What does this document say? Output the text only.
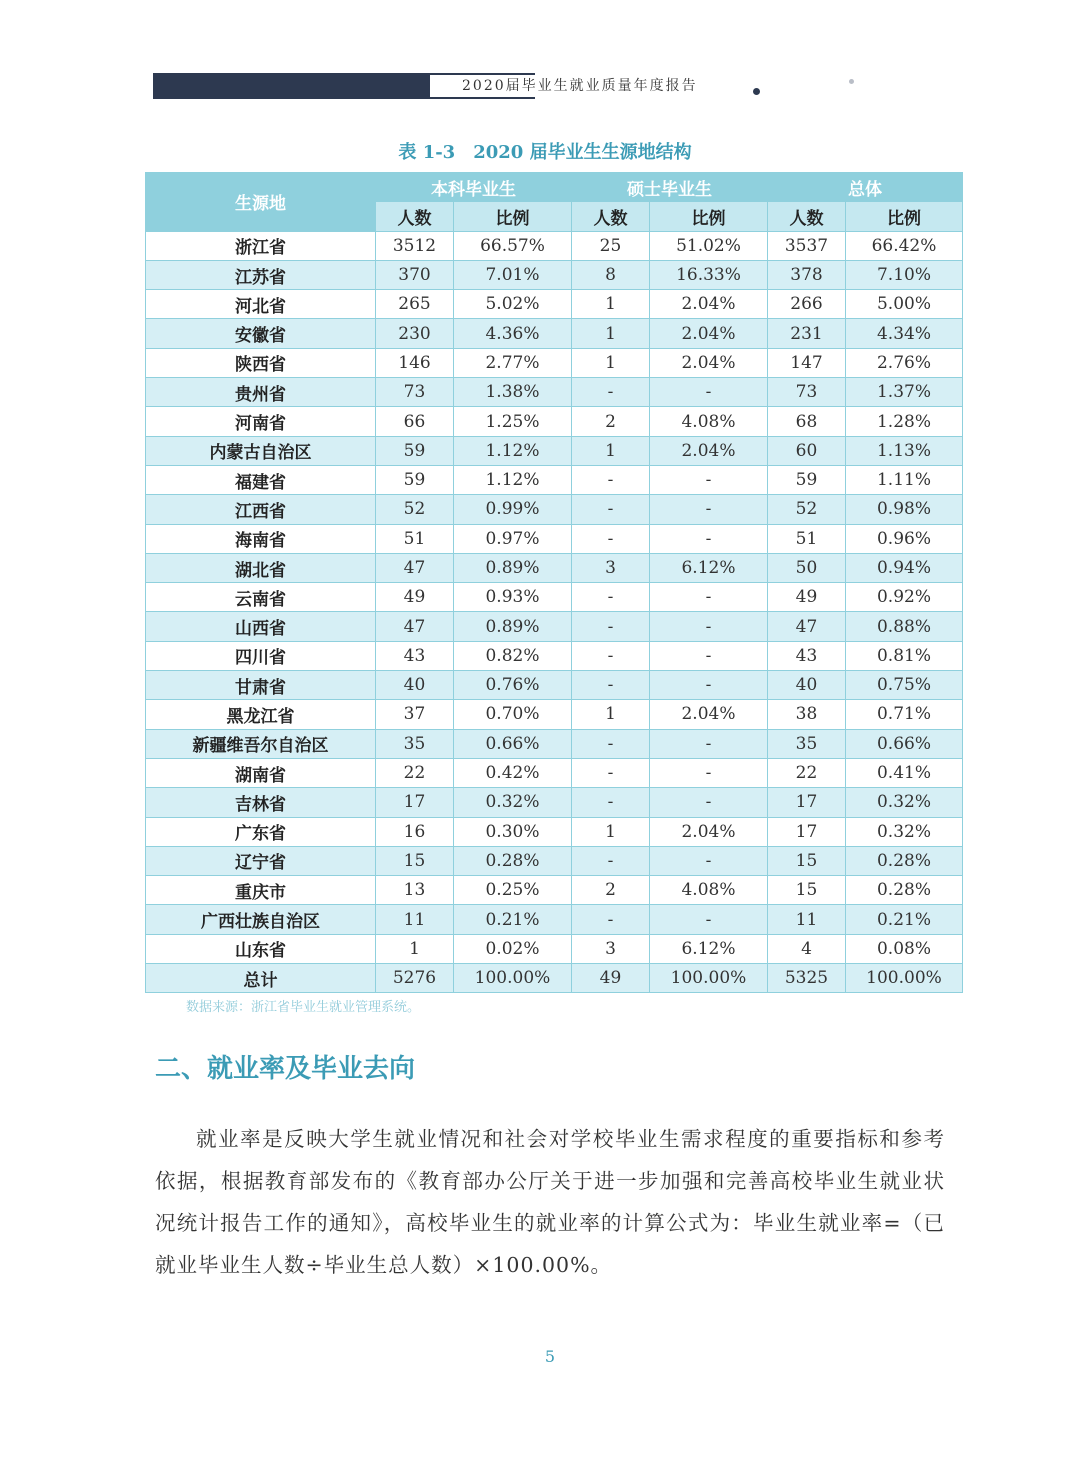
2020届毕业生就业质量年度报告
表 1-3　2020 届毕业生生源地结构
生源地	本科毕业生		硕士毕业生		总体	
	人数	比例	人数	比例	人数	比例
浙江省	3512	66.57%	25	51.02%	3537	66.42%
江苏省	370	7.01%	8	16.33%	378	7.10%
河北省	265	5.02%	1	2.04%	266	5.00%
安徽省	230	4.36%	1	2.04%	231	4.34%
陕西省	146	2.77%	1	2.04%	147	2.76%
贵州省	73	1.38%	-	-	73	1.37%
河南省	66	1.25%	2	4.08%	68	1.28%
内蒙古自治区	59	1.12%	1	2.04%	60	1.13%
福建省	59	1.12%	-	-	59	1.11%
江西省	52	0.99%	-	-	52	0.98%
海南省	51	0.97%	-	-	51	0.96%
湖北省	47	0.89%	3	6.12%	50	0.94%
云南省	49	0.93%	-	-	49	0.92%
山西省	47	0.89%	-	-	47	0.88%
四川省	43	0.82%	-	-	43	0.81%
甘肃省	40	0.76%	-	-	40	0.75%
黑龙江省	37	0.70%	1	2.04%	38	0.71%
新疆维吾尔自治区	35	0.66%	-	-	35	0.66%
湖南省	22	0.42%	-	-	22	0.41%
吉林省	17	0.32%	-	-	17	0.32%
广东省	16	0.30%	1	2.04%	17	0.32%
辽宁省	15	0.28%	-	-	15	0.28%
重庆市	13	0.25%	2	4.08%	15	0.28%
广西壮族自治区	11	0.21%	-	-	11	0.21%
山东省	1	0.02%	3	6.12%	4	0.08%
总计	5276	100.00%	49	100.00%	5325	100.00%
数据来源：浙江省毕业生就业管理系统。
二、就业率及毕业去向
就业率是反映大学生就业情况和社会对学校毕业生需求程度的重要指标和参考依据，根据教育部发布的《教育部办公厅关于进一步加强和完善高校毕业生就业状况统计报告工作的通知》，高校毕业生的就业率的计算公式为：毕业生就业率=（已就业毕业生人数÷毕业生总人数）×100.00%。
5
